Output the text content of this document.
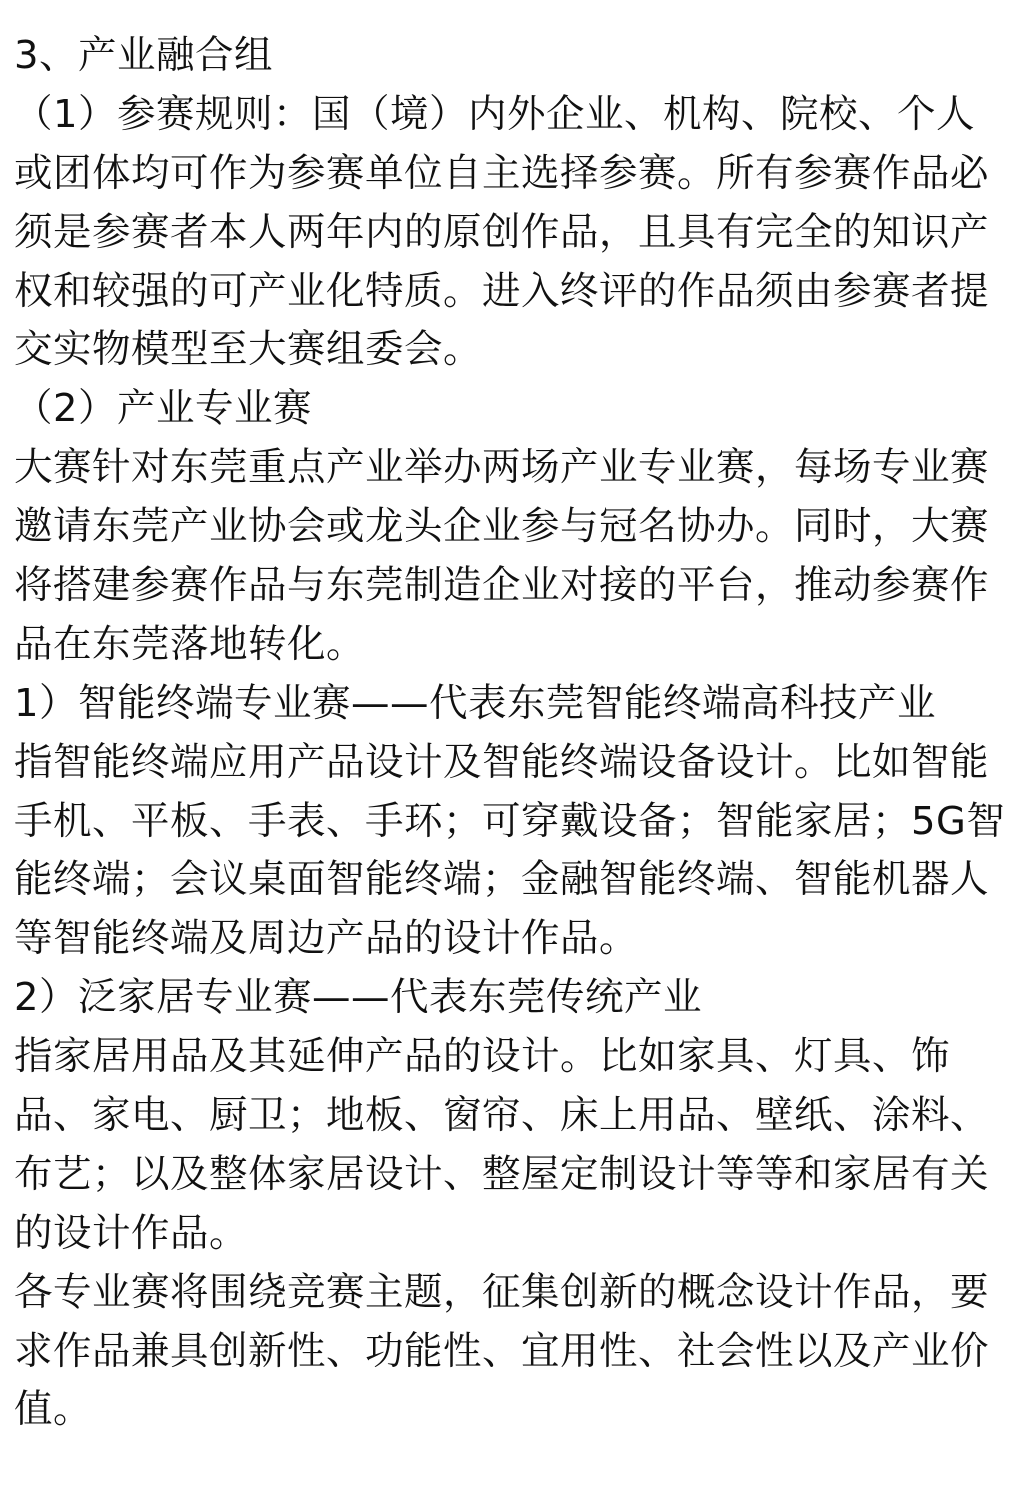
3、产业融合组
（1）参赛规则：国（境）内外企业、机构、院校、个人
或团体均可作为参赛单位自主选择参赛。所有参赛作品必
须是参赛者本人两年内的原创作品，且具有完全的知识产
权和较强的可产业化特质。进入终评的作品须由参赛者提
交实物模型至大赛组委会。
（2）产业专业赛
大赛针对东莞重点产业举办两场产业专业赛，每场专业赛
邀请东莞产业协会或龙头企业参与冠名协办。同时，大赛
将搭建参赛作品与东莞制造企业对接的平台，推动参赛作
品在东莞落地转化。
1）智能终端专业赛——代表东莞智能终端高科技产业
指智能终端应用产品设计及智能终端设备设计。比如智能
手机、平板、手表、手环；可穿戴设备；智能家居；5G智
能终端；会议桌面智能终端；金融智能终端、智能机器人
等智能终端及周边产品的设计作品。
2）泛家居专业赛——代表东莞传统产业
指家居用品及其延伸产品的设计。比如家具、灯具、饰
品、家电、厨卫；地板、窗帘、床上用品、壁纸、涂料、
布艺；以及整体家居设计、整屋定制设计等等和家居有关
的设计作品。
各专业赛将围绕竞赛主题，征集创新的概念设计作品，要
求作品兼具创新性、功能性、宜用性、社会性以及产业价
值。
